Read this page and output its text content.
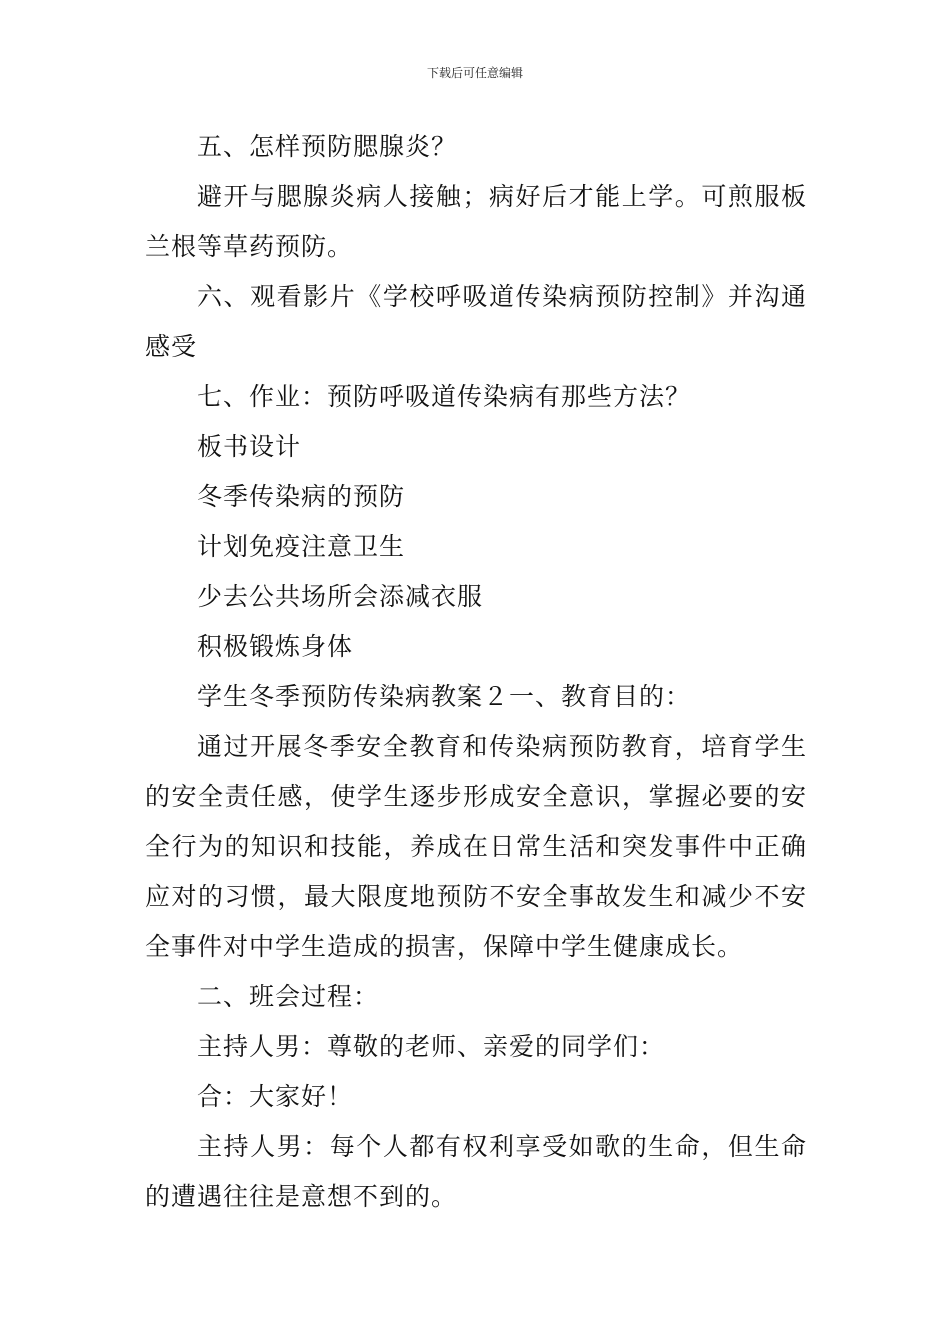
下载后可任意编辑

五、怎样预防腮腺炎？

避开与腮腺炎病人接触；病好后才能上学。可煎服板兰根等草药预防。

六、观看影片《学校呼吸道传染病预防控制》并沟通感受

七、作业：预防呼吸道传染病有那些方法？

板书设计

冬季传染病的预防

计划免疫注意卫生

少去公共场所会添减衣服

积极锻炼身体

学生冬季预防传染病教案２一、教育目的：

通过开展冬季安全教育和传染病预防教育，培育学生的安全责任感，使学生逐步形成安全意识，掌握必要的安全行为的知识和技能，养成在日常生活和突发事件中正确应对的习惯，最大限度地预防不安全事故发生和减少不安全事件对中学生造成的损害，保障中学生健康成长。

二、班会过程：

主持人男：尊敬的老师、亲爱的同学们：

合：大家好！

主持人男：每个人都有权利享受如歌的生命，但生命的遭遇往往是意想不到的。
